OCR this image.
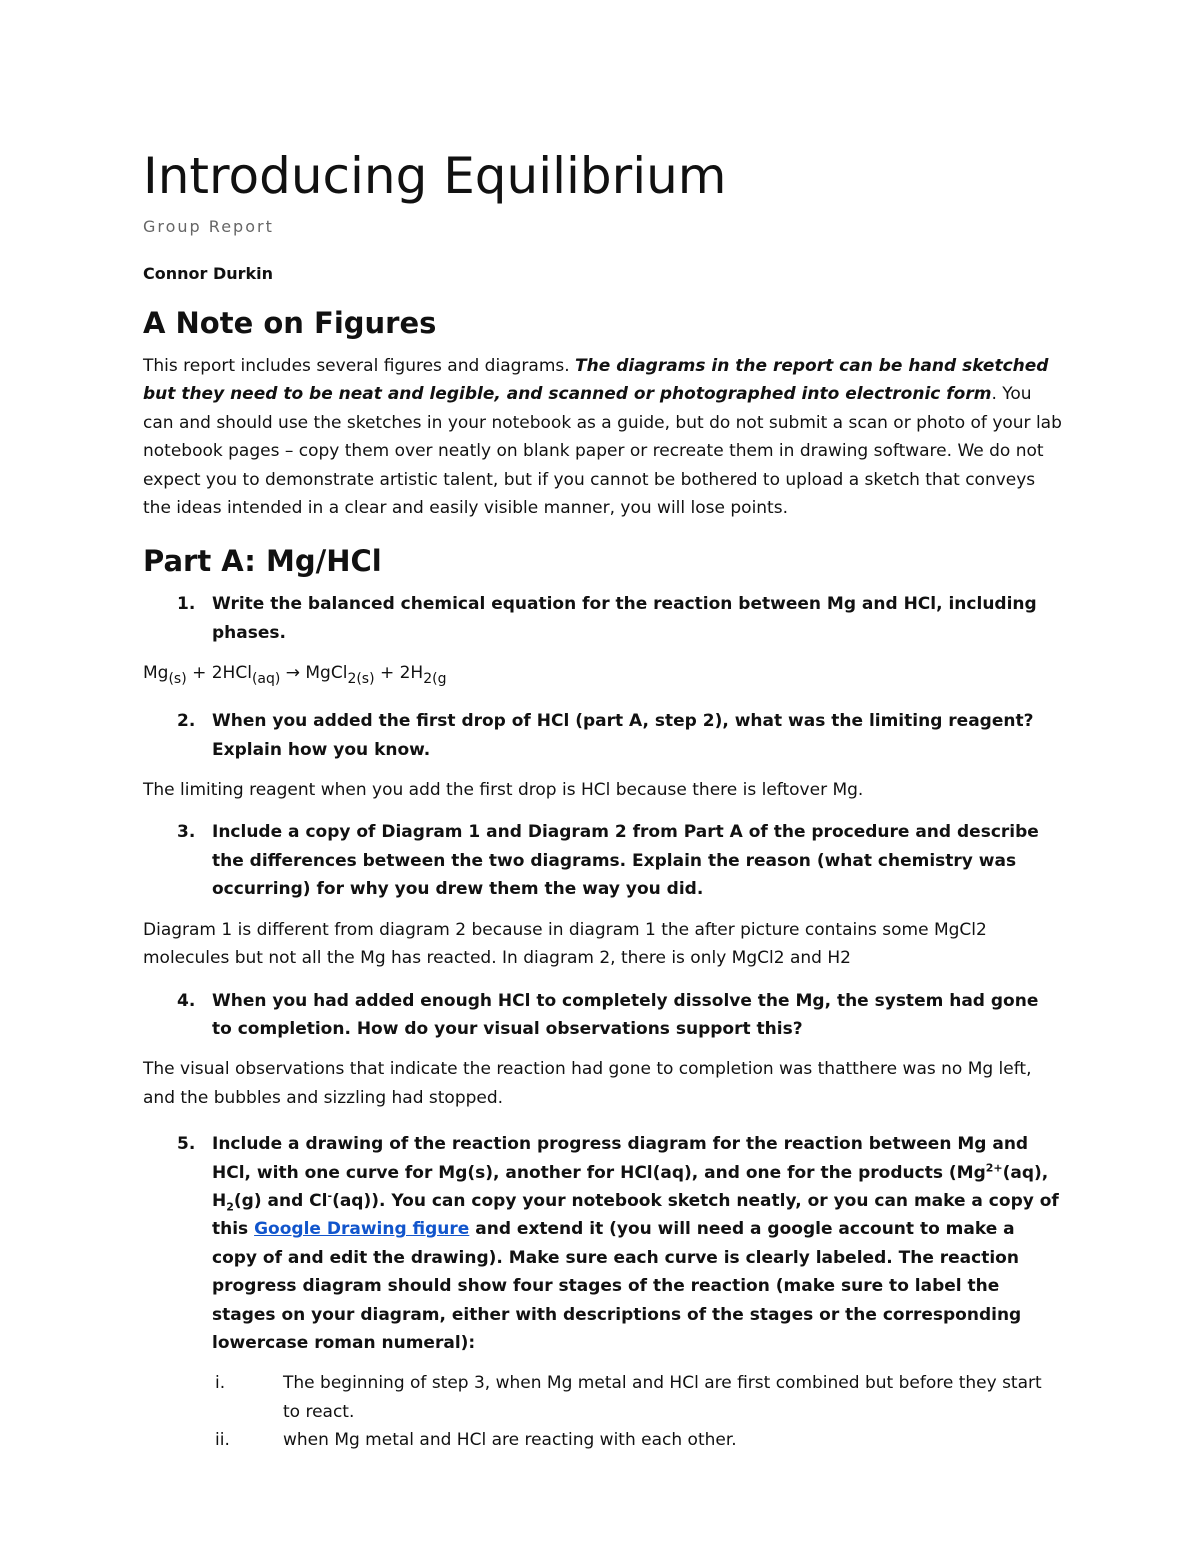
Introducing Equilibrium

Group Report

Connor Durkin

A Note on Figures

This report includes several figures and diagrams. The diagrams in the report can be hand sketched but they need to be neat and legible, and scanned or photographed into electronic form. You can and should use the sketches in your notebook as a guide, but do not submit a scan or photo of your lab notebook pages – copy them over neatly on blank paper or recreate them in drawing software. We do not expect you to demonstrate artistic talent, but if you cannot be bothered to upload a sketch that conveys the ideas intended in a clear and easily visible manner, you will lose points.

Part A: Mg/HCl
1. Write the balanced chemical equation for the reaction between Mg and HCl, including phases.

$Mg_{(s)} + 2HCl_{(aq)}$ → MgCl$_{2(s)}$ + $2H_{2(g}$

2. When you added the first drop of HCl (part A, step 2), what was the limiting reagent? Explain how you know.

The limiting reagent when you add the first drop is HCl because there is leftover Mg.

3. Include a copy of Diagram 1 and Diagram 2 from Part A of the procedure and describe the differences between the two diagrams. Explain the reason (what chemistry was occurring) for why you drew them the way you did.

Diagram 1 is different from diagram 2 because in diagram 1 the after picture contains some MgCl2 molecules but not all the Mg has reacted. In diagram 2, there is only MgCl2 and H2

4. When you had added enough HCl to completely dissolve the Mg, the system had gone to completion. How do your visual observations support this?

The visual observations that indicate the reaction had gone to completion was thatthere was no Mg left, and the bubbles and sizzling had stopped.

5. Include a drawing of the reaction progress diagram for the reaction between Mg and HCl, with one curve for Mg(s), another for HCl(aq), and one for the products ($Mg^{2+}(aq)$, $H_2(g)$ and Cl-(aq)). You can copy your notebook sketch neatly, or you can make a copy of this Google Drawing figure and extend it (you will need a google account to make a copy of and edit the drawing). Make sure each curve is clearly labeled. The reaction progress diagram should show four stages of the reaction (make sure to label the stages on your diagram, either with descriptions of the stages or the corresponding lowercase roman numeral):
i.	The beginning of step 3, when Mg metal and HCl are first combined but before they start to react.
ii.	when Mg metal and HCl are reacting with each other.
